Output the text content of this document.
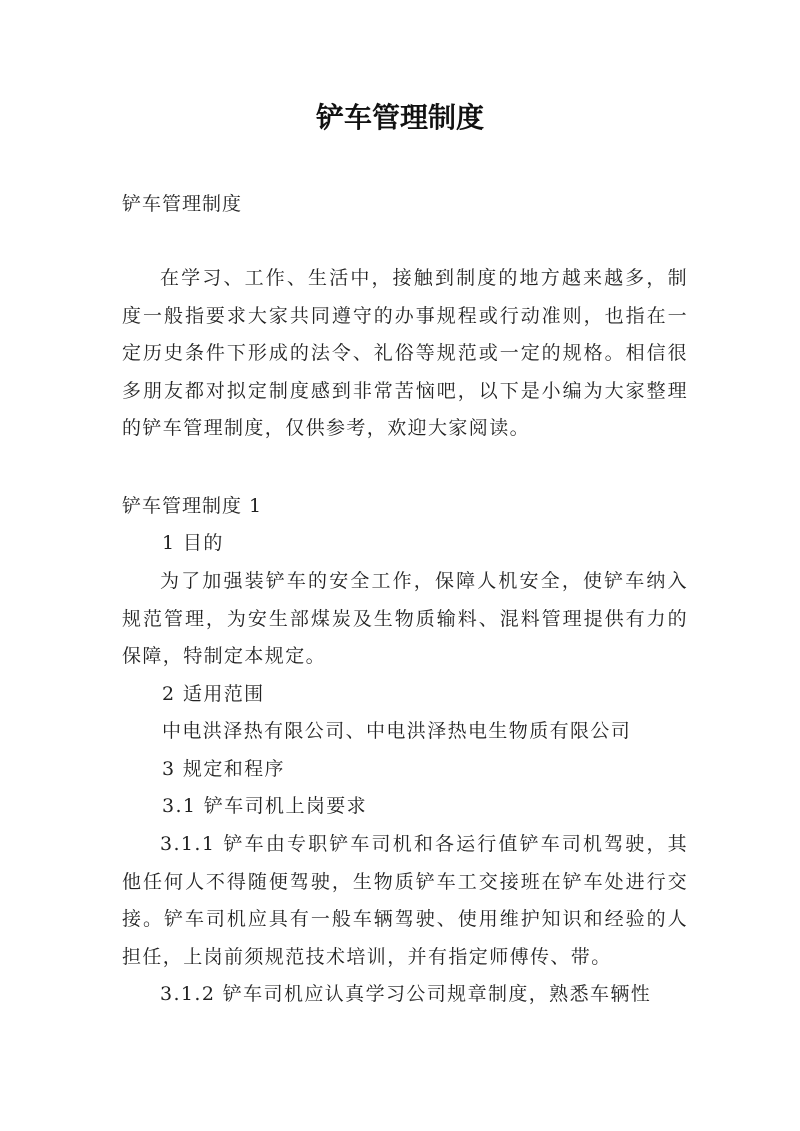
铲车管理制度

铲车管理制度

在学习、工作、生活中，接触到制度的地方越来越多，制度一般指要求大家共同遵守的办事规程或行动准则，也指在一定历史条件下形成的法令、礼俗等规范或一定的规格。相信很多朋友都对拟定制度感到非常苦恼吧，以下是小编为大家整理的铲车管理制度，仅供参考，欢迎大家阅读。

铲车管理制度 1

1 目的

为了加强装铲车的安全工作，保障人机安全，使铲车纳入规范管理，为安生部煤炭及生物质输料、混料管理提供有力的保障，特制定本规定。

2 适用范围

中电洪泽热有限公司、中电洪泽热电生物质有限公司

3 规定和程序

3.1 铲车司机上岗要求

3.1.1 铲车由专职铲车司机和各运行值铲车司机驾驶，其他任何人不得随便驾驶，生物质铲车工交接班在铲车处进行交接。铲车司机应具有一般车辆驾驶、使用维护知识和经验的人担任，上岗前须规范技术培训，并有指定师傅传、带。

3.1.2 铲车司机应认真学习公司规章制度，熟悉车辆性
